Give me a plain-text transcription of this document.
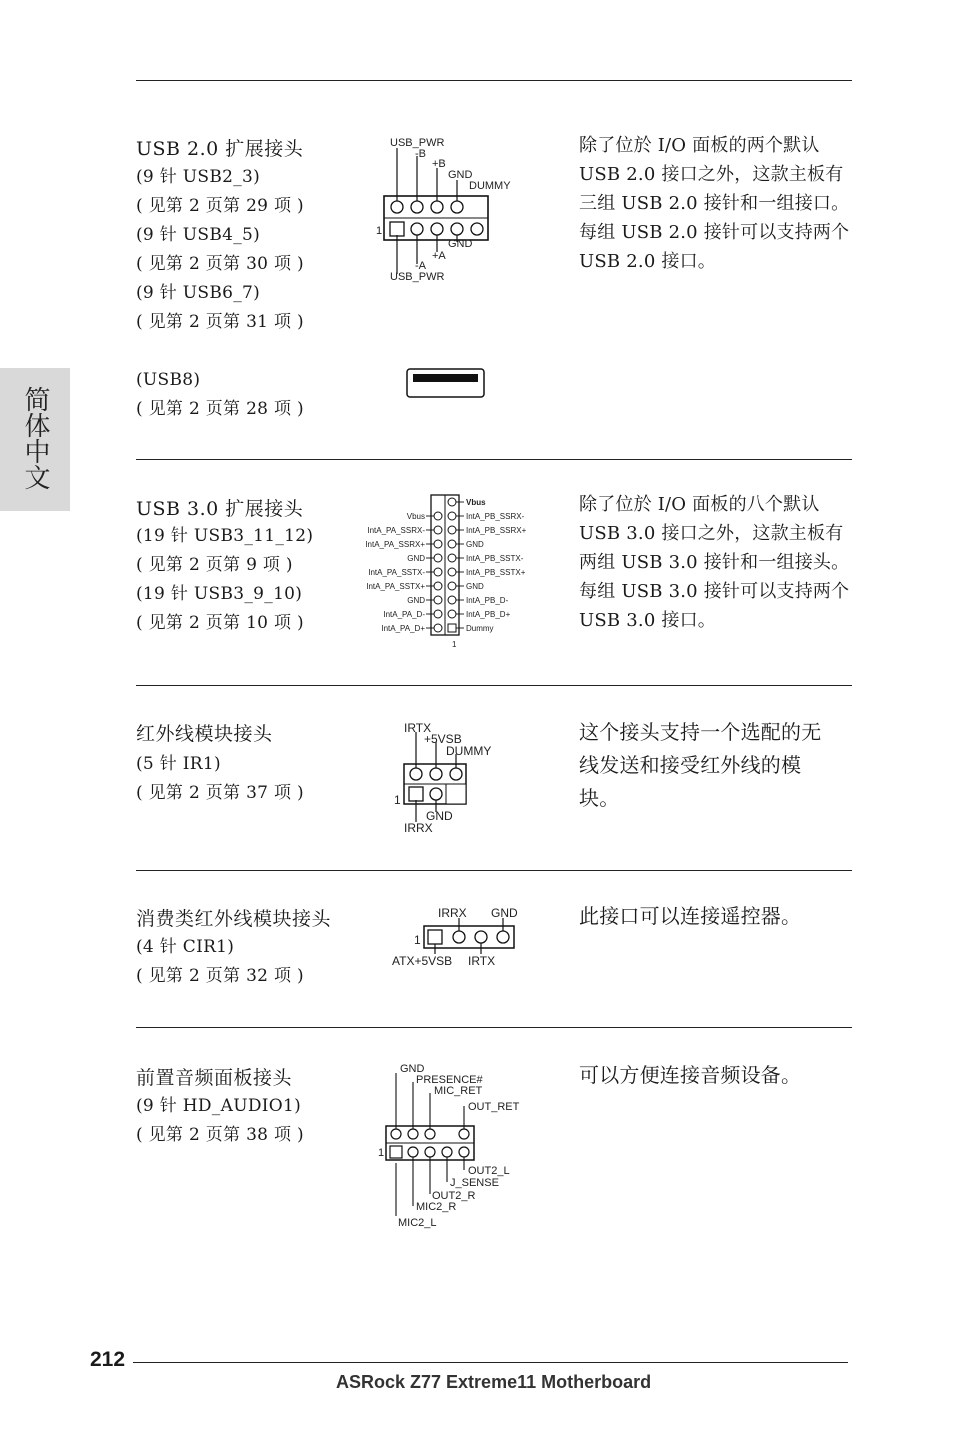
简体中文
USB 2.0 扩展接头
(9 针 USB2_3)
( 见第 2 页第 29 项 )
(9 针 USB4_5)
( 见第 2 页第 30 项 )
(9 针 USB6_7)
( 见第 2 页第 31 项 )
(USB8)
( 见第 2 页第 28 项 )
除了位於 I/O 面板的两个默认
USB 2.0 接口之外，这款主板有
三组 USB 2.0 接针和一组接口。
每组 USB 2.0 接针可以支持两个
USB 2.0 接口。
USB_PWR
-B
+B
GND
DUMMY
1
GND
+A
-A
USB_PWR
USB 3.0 扩展接头
(19 针 USB3_11_12)
( 见第 2 页第 9 项 )
(19 针 USB3_9_10)
( 见第 2 页第 10 项 )
除了位於 I/O 面板的八个默认
USB 3.0 接口之外，这款主板有
两组 USB 3.0 接针和一组接头。
每组 USB 3.0 接针可以支持两个
USB 3.0 接口。
Vbus
IntA_PB_SSRX-
IntA_PB_SSRX+
GND
IntA_PB_SSTX-
IntA_PB_SSTX+
GND
IntA_PB_D-
IntA_PB_D+
Dummy
Vbus
IntA_PA_SSRX-
IntA_PA_SSRX+
GND
IntA_PA_SSTX-
IntA_PA_SSTX+
GND
IntA_PA_D-
IntA_PA_D+
1
红外线模块接头
(5 针 IR1)
( 见第 2 页第 37 项 )
这个接头支持一个选配的无
线发送和接受红外线的模
块。
IRTX
+5VSB
DUMMY
1
GND
IRRX
消费类红外线模块接头
(4 针 CIR1)
( 见第 2 页第 32 项 )
此接口可以连接遥控器。
IRRX GND
1
ATX+5VSB IRTX
前置音频面板接头
(9 针 HD_AUDIO1)
( 见第 2 页第 38 项 )
可以方便连接音频设备。
GND
PRESENCE#
MIC_RET
OUT_RET
1
OUT2_L
J_SENSE
OUT2_R
MIC2_R
MIC2_L
212
ASRock Z77 Extreme11 Motherboard
